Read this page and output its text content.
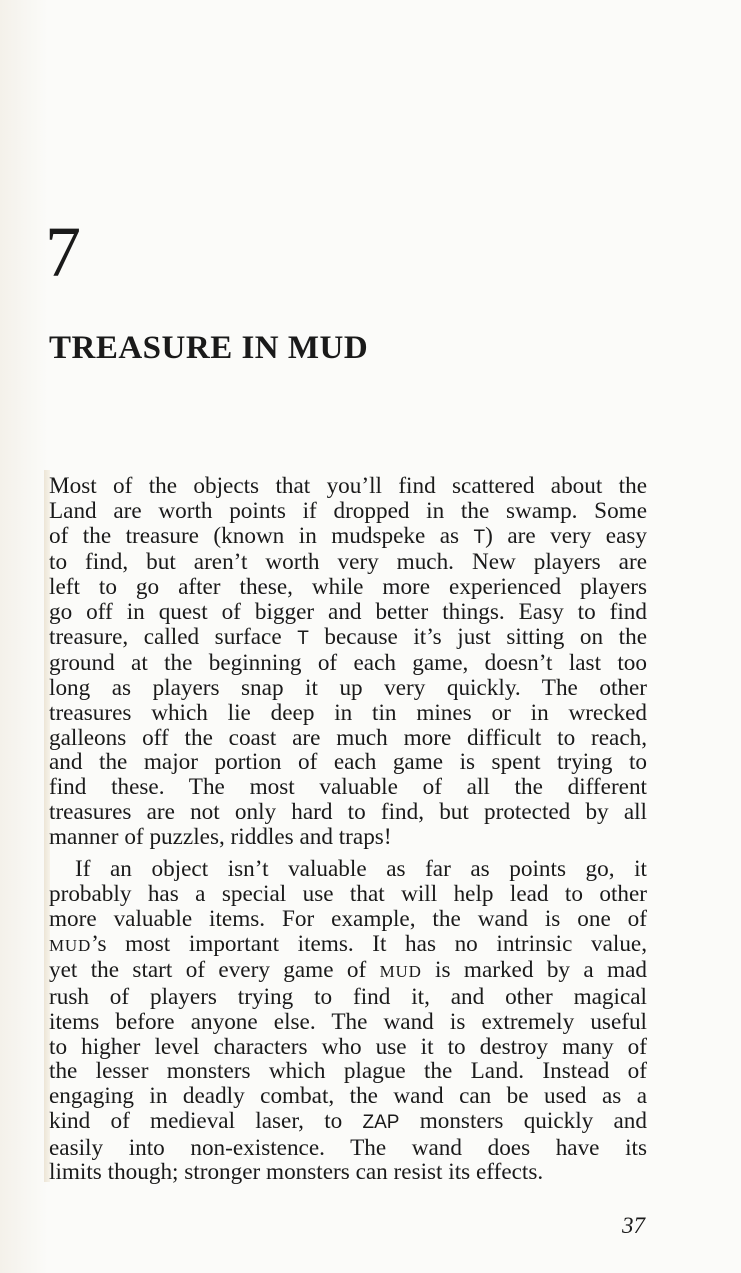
7
TREASURE IN MUD
Most of the objects that you’ll find scattered about the
Land are worth points if dropped in the swamp. Some
of the treasure (known in mudspeke as T) are very easy
to find, but aren’t worth very much. New players are
left to go after these, while more experienced players
go off in quest of bigger and better things. Easy to find
treasure, called surface T because it’s just sitting on the
ground at the beginning of each game, doesn’t last too
long as players snap it up very quickly. The other
treasures which lie deep in tin mines or in wrecked
galleons off the coast are much more difficult to reach,
and the major portion of each game is spent trying to
find these. The most valuable of all the different
treasures are not only hard to find, but protected by all
manner of puzzles, riddles and traps!
If an object isn’t valuable as far as points go, it
probably has a special use that will help lead to other
more valuable items. For example, the wand is one of
MUD’s most important items. It has no intrinsic value,
yet the start of every game of MUD is marked by a mad
rush of players trying to find it, and other magical
items before anyone else. The wand is extremely useful
to higher level characters who use it to destroy many of
the lesser monsters which plague the Land. Instead of
engaging in deadly combat, the wand can be used as a
kind of medieval laser, to ZAP monsters quickly and
easily into non-existence. The wand does have its
limits though; stronger monsters can resist its effects.
37
